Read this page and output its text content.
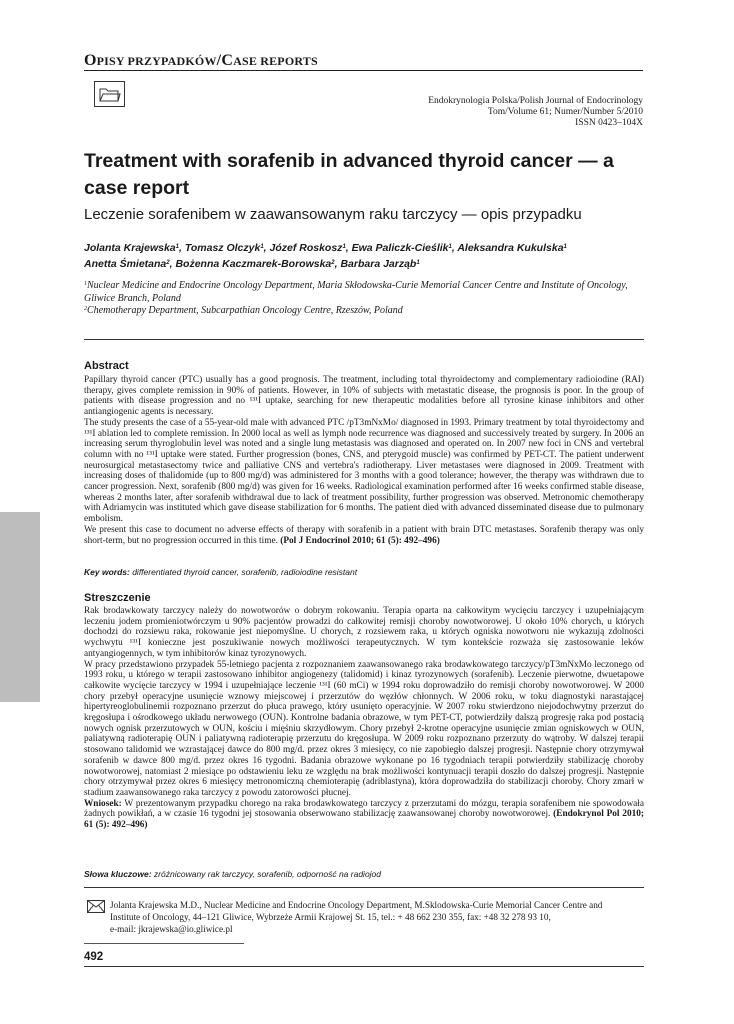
OPISY PRZYPADKÓW/CASE REPORTS
Endokrynologia Polska/Polish Journal of Endocrinology
Tom/Volume 61; Numer/Number 5/2010
ISSN 0423–104X
Treatment with sorafenib in advanced thyroid cancer — a case report
Leczenie sorafenibem w zaawansowanym raku tarczycy — opis przypadku
Jolanta Krajewska$^1$, Tomasz Olczyk$^1$, Józef Roskosz$^1$, Ewa Paliczk-Cieślik$^1$, Aleksandra Kukulska$^1$
Anetta Śmietana$^2$, Bożenna Kaczmarek-Borowska$^2$, Barbara Jarząb$^1$
$^1$Nuclear Medicine and Endocrine Oncology Department, Maria Skłodowska-Curie Memorial Cancer Centre and Institute of Oncology, Gliwice Branch, Poland
$^2$Chemotherapy Department, Subcarpathian Oncology Centre, Rzeszów, Poland
Abstract

Papillary thyroid cancer (PTC) usually has a good prognosis. The treatment, including total thyroidectomy and complementary radioiodine (RAI) therapy, gives complete remission in 90% of patients. However, in 10% of subjects with metastatic disease, the prognosis is poor. In the group of patients with disease progression and no ¹³¹I uptake, searching for new therapeutic modalities before all tyrosine kinase inhibitors and other antiangiogenic agents is necessary.

The study presents the case of a 55-year-old male with advanced PTC /pT3mNxMo/ diagnosed in 1993. Primary treatment by total thyroidectomy and ¹³¹I ablation led to complete remission. In 2000 local as well as lymph node recurrence was diagnosed and successively treated by surgery. In 2006 an increasing serum thyroglobulin level was noted and a single lung metastasis was diagnosed and operated on. In 2007 new foci in CNS and vertebral column with no ¹³¹I uptake were stated. Further progression (bones, CNS, and pterygoid muscle) was confirmed by PET-CT. The patient underwent neurosurgical metastasectomy twice and palliative CNS and vertebra's radiotherapy. Liver metastases were diagnosed in 2009. Treatment with increasing doses of thalidomide (up to 800 mg/d) was administered for 3 months with a good tolerance; however, the therapy was withdrawn due to cancer progression. Next, sorafenib (800 mg/d) was given for 16 weeks. Radiological examination performed after 16 weeks confirmed stable disease, whereas 2 months later, after sorafenib withdrawal due to lack of treatment possibility, further progression was observed. Metronomic chemotherapy with Adriamycin was instituted which gave disease stabilization for 6 months. The patient died with advanced disseminated disease due to pulmonary embolism.

We present this case to document no adverse effects of therapy with sorafenib in a patient with brain DTC metastases. Sorafenib therapy was only short-term, but no progression occurred in this time. (Pol J Endocrinol 2010; 61 (5): 492–496)

Key words: differentiated thyroid cancer, sorafenib, radioiodine resistant
Streszczenie

Rak brodawkowaty tarczycy należy do nowotworów o dobrym rokowaniu. Terapia oparta na całkowitym wycięciu tarczycy i uzupełniającym leczeniu jodem promieniotwórczym u 90% pacjentów prowadzi do całkowitej remisji choroby nowotworowej. U około 10% chorych, u których dochodzi do rozsiewu raka, rokowanie jest niepomyślne. U chorych, z rozsiewem raka, u których ogniska nowotworu nie wykazują zdolności wychwytu ¹³¹I konieczne jest poszukiwanie nowych możliwości terapeutycznych. W tym kontekście rozważa się zastosowanie leków antyangiogennych, w tym inhibitorów kinaz tyrozynowych.

W pracy przedstawiono przypadek 55-letniego pacjenta z rozpoznaniem zaawansowanego raka brodawkowatego tarczycy/pT3mNxMo leczonego od 1993 roku, u którego w terapii zastosowano inhibitor angiogenezy (talidomid) i kinaz tyrozynowych (sorafenib). Leczenie pierwotne, dwuetapowe całkowite wycięcie tarczycy w 1994 i uzupełniające leczenie ¹³¹I (60 mCi) w 1994 roku doprowadziło do remisji choroby nowotworowej. W 2000 chory przebył operacyjne usunięcie wznowy miejscowej i przerzutów do węzłów chłonnych. W 2006 roku, w toku diagnostyki narastającej hipertyreoglobulinemii rozpoznano przerzut do płuca prawego, który usunięto operacyjnie. W 2007 roku stwierdzono niejodochwytny przerzut do kręgosłupa i ośrodkowego układu nerwowego (OUN). Kontrolne badania obrazowe, w tym PET-CT, potwierdziły dalszą progresję raka pod postacią nowych ognisk przerzutowych w OUN, kościu i mięśniu skrzydłowym. Chory przebył 2-krotne operacyjne usunięcie zmian ogniskowych w OUN, paliatywną radioterapię OUN i paliatywną radioterapię przerzutu do kręgosłupa. W 2009 roku rozpoznano przerzuty do wątroby. W dalszej terapii stosowano talidomid we wzrastającej dawce do 800 mg/d. przez okres 3 miesięcy, co nie zapobiegło dalszej progresji. Następnie chory otrzymywał sorafenib w dawce 800 mg/d. przez okres 16 tygodni. Badania obrazowe wykonane po 16 tygodniach terapii potwierdziły stabilizację choroby nowotworowej, natomiast 2 miesiące po odstawieniu leku ze względu na brak możliwości kontynuacji terapii doszło do dalszej progresji. Następnie chory otrzymywał przez okres 6 miesięcy metronomiczną chemioterapię (adriblastyna), która doprowadziła do stabilizacji choroby. Chory zmarł w stadium zaawansowanego raka tarczycy z powodu zatorowości płucnej.

Wniosek: W prezentowanym przypadku chorego na raka brodawkowatego tarczycy z przerzutami do mózgu, terapia sorafenibem nie spowodowała żadnych powikłań, a w czasie 16 tygodni jej stosowania obserwowano stabilizację zaawansowanej choroby nowotworowej. (Endokrynol Pol 2010; 61 (5): 492–496)

Słowa kluczowe: zróżnicowany rak tarczycy, sorafenib, odporność na radiojod
Jolanta Krajewska M.D., Nuclear Medicine and Endocrine Oncology Department, M.Sklodowska-Curie Memorial Cancer Centre and
Institute of Oncology, 44–121 Gliwice, Wybrzeże Armii Krajowej St. 15, tel.: + 48 662 230 355, fax: +48 32 278 93 10,
e-mail: jkrajewska@io.gliwice.pl
492
